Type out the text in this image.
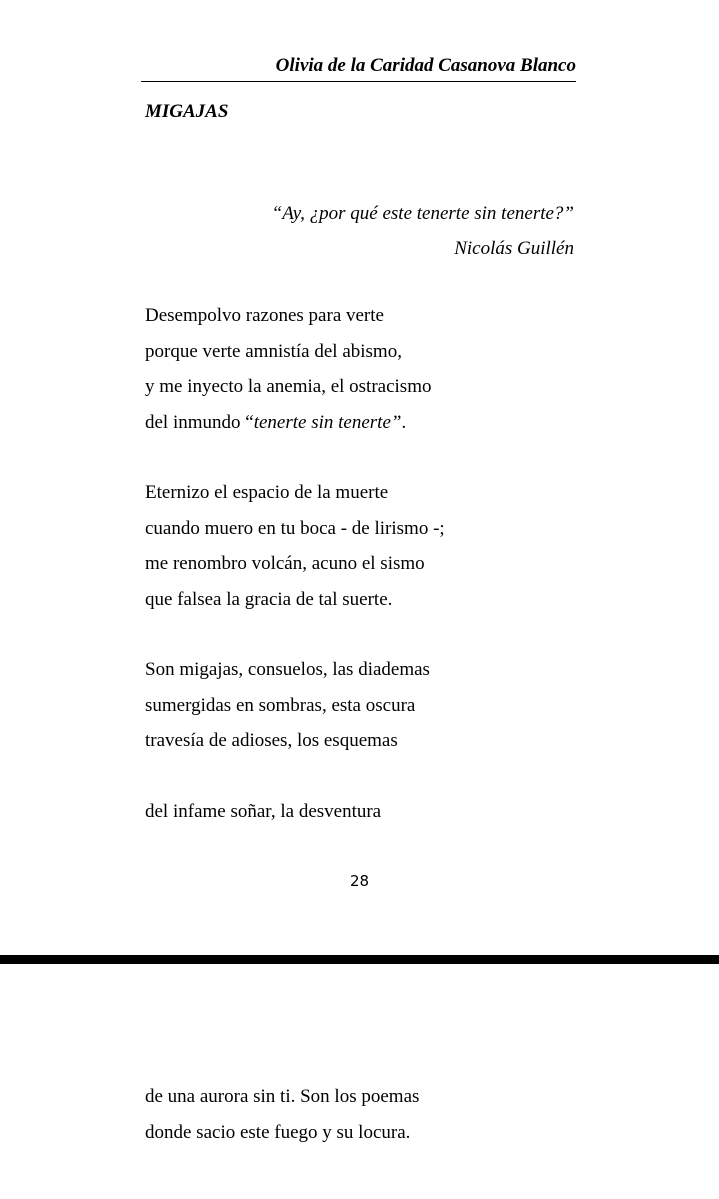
Olivia de la Caridad Casanova Blanco
MIGAJAS
“Ay, ¿por qué este tenerte sin tenerte?”
Nicolás Guillén
Desempolvo razones para verte
porque verte amnistía del abismo,
y me inyecto la anemia, el ostracismo
del inmundo “tenerte sin tenerte”.
Eternizo el espacio de la muerte
cuando muero en tu boca - de lirismo -;
me renombro volcán, acuno el sismo
que falsea la gracia de tal suerte.
Son migajas, consuelos, las diademas
sumergidas en sombras, esta oscura
travesía de adioses, los esquemas
del infame soñar, la desventura
28
de una aurora sin ti. Son los poemas
donde sacio este fuego y su locura.
